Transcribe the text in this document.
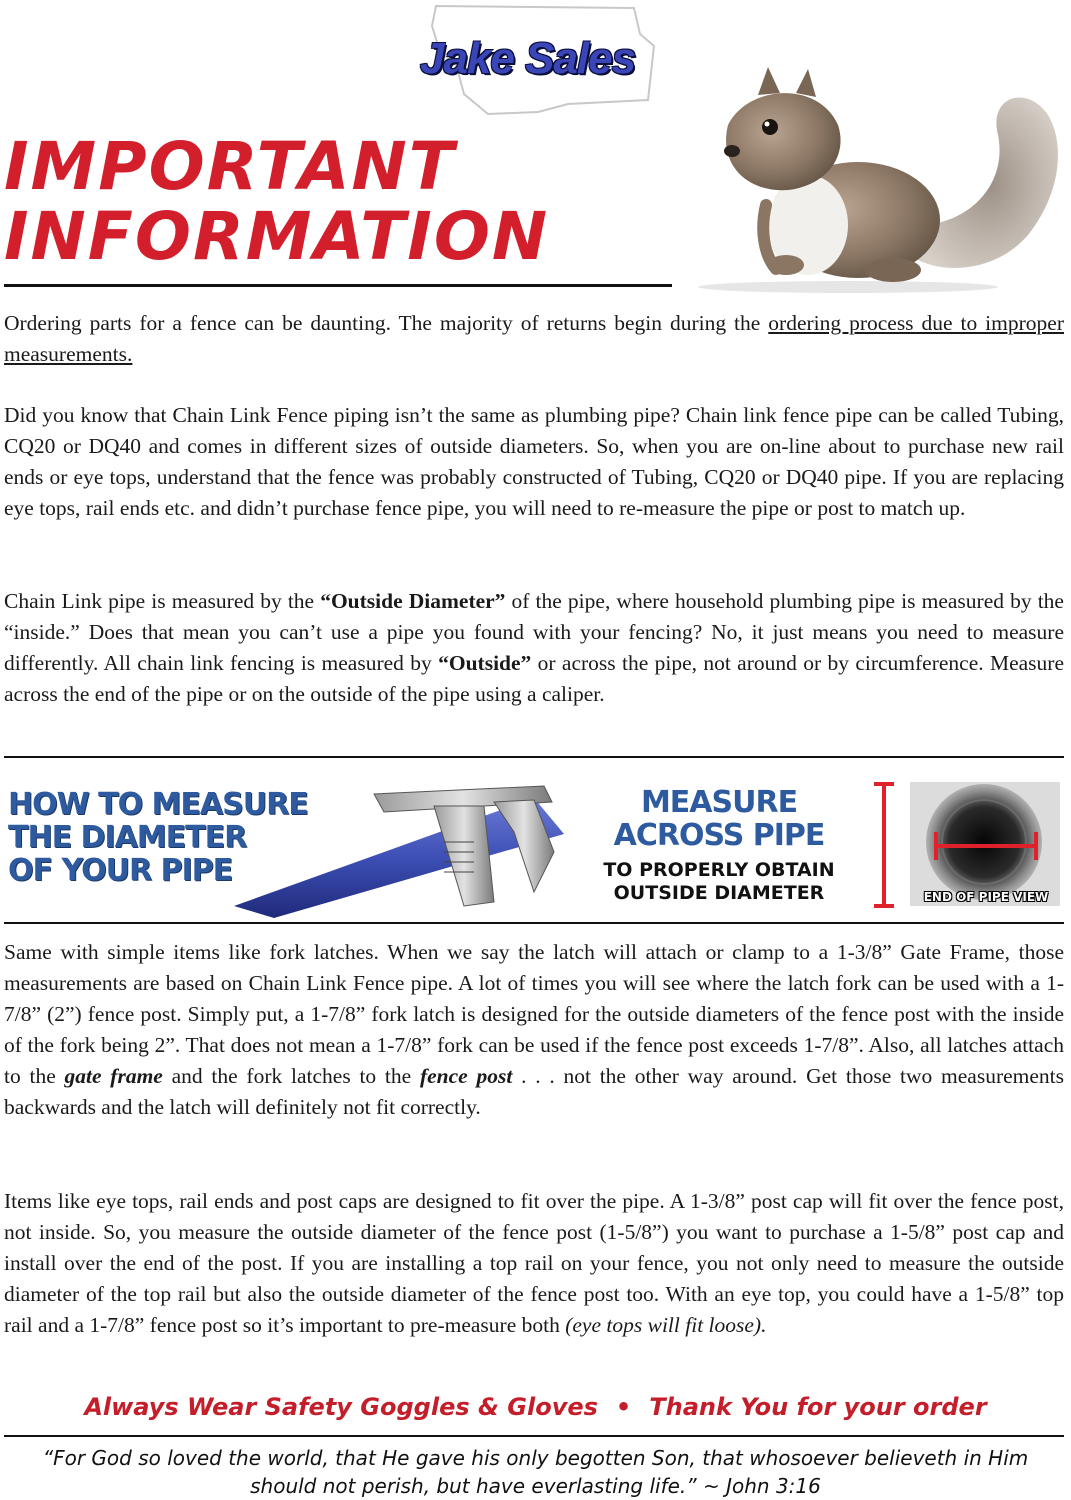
Jake Sales
IMPORTANT
INFORMATION
Ordering parts for a fence can be daunting. The majority of returns begin during the ordering process due to improper measurements.
Did you know that Chain Link Fence piping isn’t the same as plumbing pipe? Chain link fence pipe can be called Tubing, CQ20 or DQ40 and comes in different sizes of outside diameters. So, when you are on-line about to purchase new rail ends or eye tops, understand that the fence was probably constructed of Tubing, CQ20 or DQ40 pipe. If you are replacing eye tops, rail ends etc. and didn’t purchase fence pipe, you will need to re-measure the pipe or post to match up.
Chain Link pipe is measured by the “Outside Diameter” of the pipe, where household plumbing pipe is measured by the “inside.” Does that mean you can’t use a pipe you found with your fencing? No, it just means you need to measure differently. All chain link fencing is measured by “Outside” or across the pipe, not around or by circumference. Measure across the end of the pipe or on the outside of the pipe using a caliper.
HOW TO MEASURE
THE DIAMETER
OF YOUR PIPE
MEASURE
ACROSS PIPE
TO PROPERLY OBTAIN
OUTSIDE DIAMETER	END OF PIPE VIEW
Same with simple items like fork latches. When we say the latch will attach or clamp to a 1-3/8” Gate Frame, those measurements are based on Chain Link Fence pipe. A lot of times you will see where the latch fork can be used with a 1-7/8” (2”) fence post. Simply put, a 1-7/8” fork latch is designed for the outside diameters of the fence post with the inside of the fork being 2”. That does not mean a 1-7/8” fork can be used if the fence post exceeds 1-7/8”. Also, all latches attach to the gate frame and the fork latches to the fence post . . . not the other way around. Get those two measurements backwards and the latch will definitely not fit correctly.
Items like eye tops, rail ends and post caps are designed to fit over the pipe. A 1-3/8” post cap will fit over the fence post, not inside. So, you measure the outside diameter of the fence post (1-5/8”) you want to purchase a 1-5/8” post cap and install over the end of the post. If you are installing a top rail on your fence, you not only need to measure the outside diameter of the top rail but also the outside diameter of the fence post too. With an eye top, you could have a 1-5/8” top rail and a 1-7/8” fence post so it’s important to pre-measure both (eye tops will fit loose).
Always Wear Safety Goggles & Gloves • Thank You for your order
“For God so loved the world, that He gave his only begotten Son, that whosoever believeth in Him
should not perish, but have everlasting life.” ~ John 3:16
